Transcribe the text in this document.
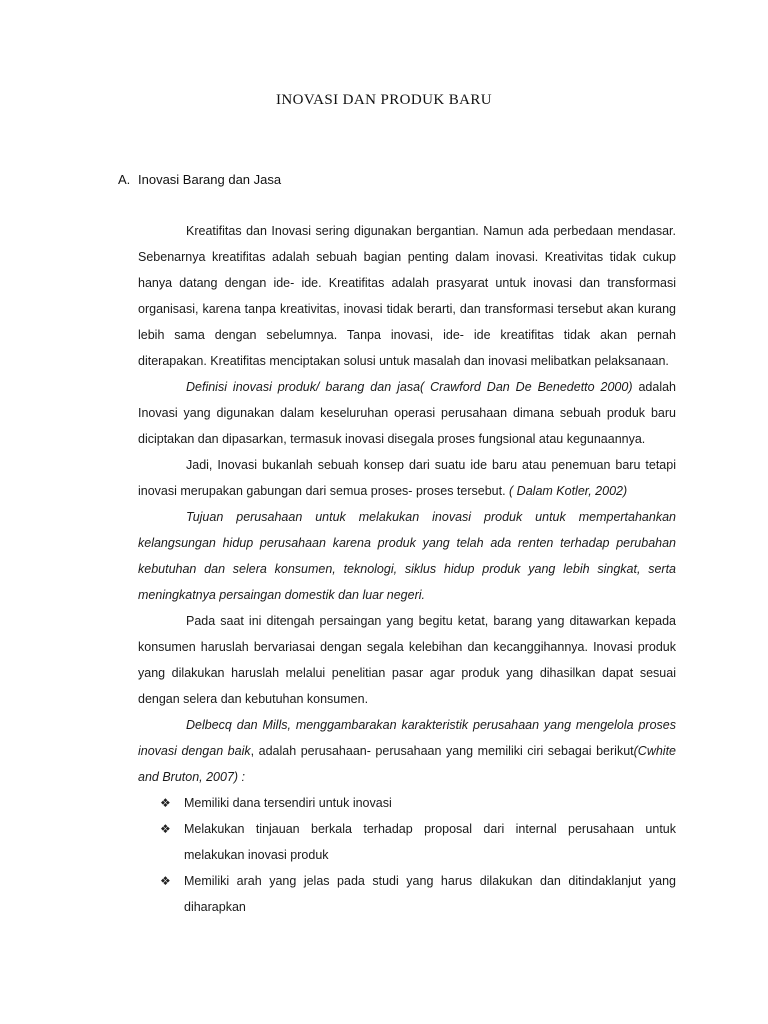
INOVASI DAN PRODUK BARU
A. Inovasi Barang dan Jasa

Kreatifitas dan Inovasi sering digunakan bergantian. Namun ada perbedaan mendasar. Sebenarnya kreatifitas adalah sebuah bagian penting dalam inovasi. Kreativitas tidak cukup hanya datang dengan ide- ide. Kreatifitas adalah prasyarat untuk inovasi dan transformasi organisasi, karena tanpa kreativitas, inovasi tidak berarti, dan transformasi tersebut akan kurang lebih sama dengan sebelumnya. Tanpa inovasi, ide- ide kreatifitas tidak akan pernah diterapakan. Kreatifitas menciptakan solusi untuk masalah dan inovasi melibatkan pelaksanaan.

Definisi inovasi produk/ barang dan jasa( Crawford Dan De Benedetto 2000) adalah Inovasi yang digunakan dalam keseluruhan operasi perusahaan dimana sebuah produk baru diciptakan dan dipasarkan, termasuk inovasi disegala proses fungsional atau kegunaannya.

Jadi, Inovasi bukanlah sebuah konsep dari suatu ide baru atau penemuan baru tetapi inovasi merupakan gabungan dari semua proses- proses tersebut. ( Dalam Kotler, 2002)

Tujuan perusahaan untuk melakukan inovasi produk untuk mempertahankan kelangsungan hidup perusahaan karena produk yang telah ada renten terhadap perubahan kebutuhan dan selera konsumen, teknologi, siklus hidup produk yang lebih singkat, serta meningkatnya persaingan domestik dan luar negeri.

Pada saat ini ditengah persaingan yang begitu ketat, barang yang ditawarkan kepada konsumen haruslah bervariasai dengan segala kelebihan dan kecanggihannya. Inovasi produk yang dilakukan haruslah melalui penelitian pasar agar produk yang dihasilkan dapat sesuai dengan selera dan kebutuhan konsumen.

Delbecq dan Mills, menggambarakan karakteristik perusahaan yang mengelola proses inovasi dengan baik, adalah perusahaan- perusahaan yang memiliki ciri sebagai berikut(Cwhite and Bruton, 2007) :

❖ Memiliki dana tersendiri untuk inovasi
❖ Melakukan tinjauan berkala terhadap proposal dari internal perusahaan untuk melakukan inovasi produk
❖ Memiliki arah yang jelas pada studi yang harus dilakukan dan ditindaklanjut yang diharapkan
